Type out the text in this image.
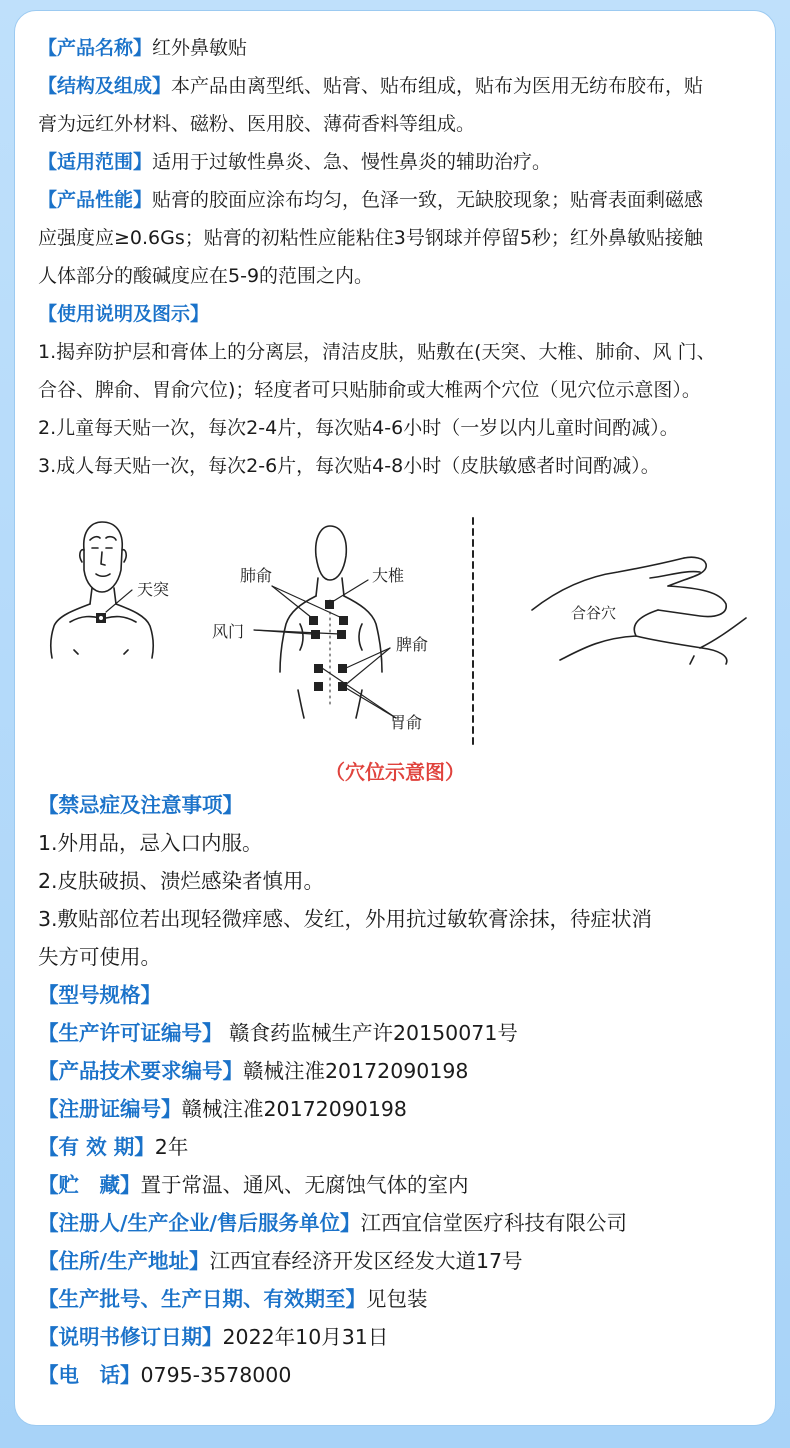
【产品名称】红外鼻敏贴
【结构及组成】本产品由离型纸、贴膏、贴布组成，贴布为医用无纺布胶布，贴
膏为远红外材料、磁粉、医用胶、薄荷香料等组成。
【适用范围】适用于过敏性鼻炎、急、慢性鼻炎的辅助治疗。
【产品性能】贴膏的胶面应涂布均匀，色泽一致，无缺胶现象；贴膏表面剩磁感
应强度应≥0.6Gs；贴膏的初粘性应能粘住3号钢球并停留5秒；红外鼻敏贴接触
人体部分的酸碱度应在5-9的范围之内。
【使用说明及图示】
1.揭弃防护层和膏体上的分离层，清洁皮肤，贴敷在(天突、大椎、肺俞、风 门、
合谷、脾俞、胃俞穴位)；轻度者可只贴肺俞或大椎两个穴位（见穴位示意图）。
2.儿童每天贴一次，每次2-4片，每次贴4-6小时（一岁以内儿童时间酌减）。
3.成人每天贴一次，每次2-6片，每次贴4-8小时（皮肤敏感者时间酌减）。
天突
肺俞	大椎
风门
脾俞
胃俞
合谷穴
（穴位示意图）
【禁忌症及注意事项】
1.外用品，忌入口内服。
2.皮肤破损、溃烂感染者慎用。
3.敷贴部位若出现轻微痒感、发红，外用抗过敏软膏涂抹，待症状消
失方可使用。
【型号规格】
【生产许可证编号】 赣食药监械生产许20150071号
【产品技术要求编号】赣械注准20172090198
【注册证编号】赣械注准20172090198
【有 效 期】2年
【贮　藏】置于常温、通风、无腐蚀气体的室内
【注册人/生产企业/售后服务单位】江西宜信堂医疗科技有限公司
【住所/生产地址】江西宜春经济开发区经发大道17号
【生产批号、生产日期、有效期至】见包装
【说明书修订日期】2022年10月31日
【电　话】0795-3578000
